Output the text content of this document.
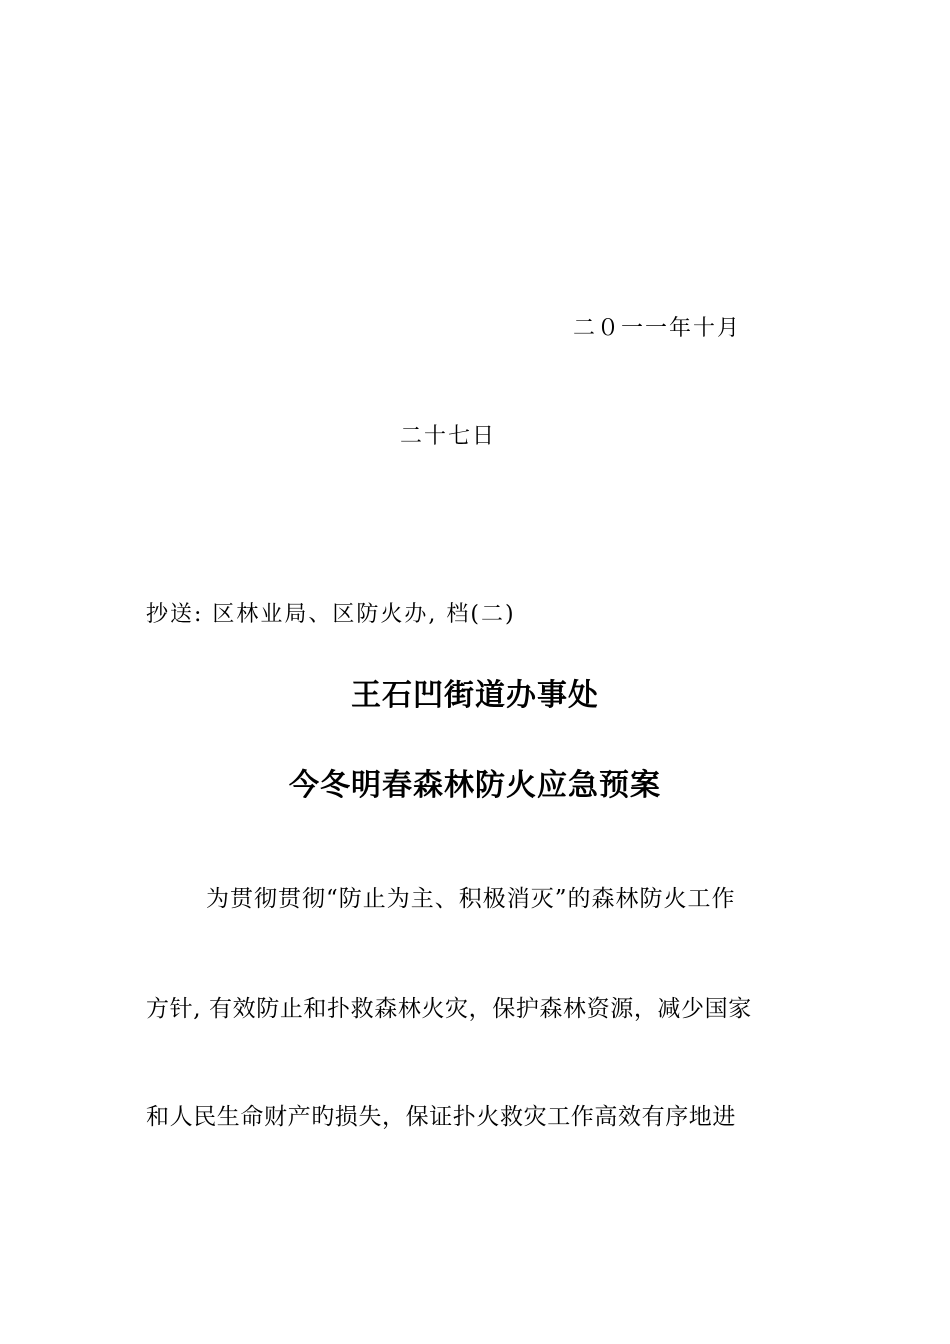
二０一一年十月
二十七日
抄送: 区林业局、区防火办, 档(二)
王石凹街道办事处
今冬明春森林防火应急预案
为贯彻贯彻“防止为主、积极消灭”的森林防火工作
方针, 有效防止和扑救森林火灾，保护森林资源，减少国家
和人民生命财产旳损失，保证扑火救灾工作高效有序地进
